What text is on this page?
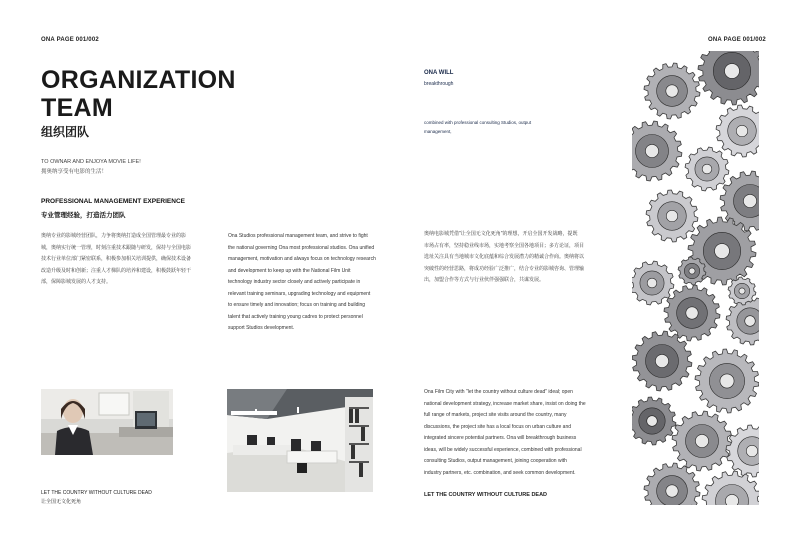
ONA PAGE 001/002	ONA PAGE 001/002
ORGANIZATION
TEAM
组织团队
TO OWNAR AND ENJOYA MOVIE LIFE!
拥奥纳享受有电影的生活！
PROFESSIONAL MANAGEMENT EXPERIENCE
专业管理经验，打造活力团队
奥纳专业的影城经营团队，力争将奥纳打造成全国管理最专业的影
城，奥纳实行统一管理，时刻注重技术跟随与研发，保持与全国电影
技术行业单位部门紧密联系，积极参加相关培训提供，确保技术设备
改造升级及时和创新；注重人才梯队的培养和建设，积极鼓跃年轻干
部，保障影城发展的人才支持。
Ona Studios professional management team, and strive to fight
the national governing Ona most professional studios. Ona unified
management, motivation and always focus on technology research
and development to keep up with the National Film Unit
technology industry sector closely and actively participate in
relevant training seminars, upgrading technology and equipment
to ensure timely and innovation; focus on training and building
talent that actively training young cadres to protect personnel
support Studios development.
ONA WILL
breakthrough
combined with professional consulting Studios, output management,
奥纳电影城凭借"让全国无文化死角"的理想，开启全国开发战略，提既
市场占有率，坚持稳业线市场，实地考察全国各地项目；多方论证，项目
选址关注具有当地城市文化底蕴和综合发展潜力的精诚合作商。奥纳将以
突破性的经营思路，将成功经验广泛推广，结合专业的影城咨询、管理输
出，加盟合作等方式与行业伙伴强强联合，共谋发展。
Ona Film City with "let the country without culture dead" ideal; open
national development strategy, increase market share, insist on doing the
full range of markets, project site visits around the country, many
discussions, the project site has a local focus on urban culture and
integrated sincere potential partners. Ona will breakthrough business
ideas, will be widely successful experience, combined with professional
consulting Studios, output management, joining cooperation with
industry partners, etc. combination, and seek common development.
LET THE COUNTRY WITHOUT CULTURE DEAD
让全国无文化死角
LET THE COUNTRY WITHOUT CULTURE DEAD
